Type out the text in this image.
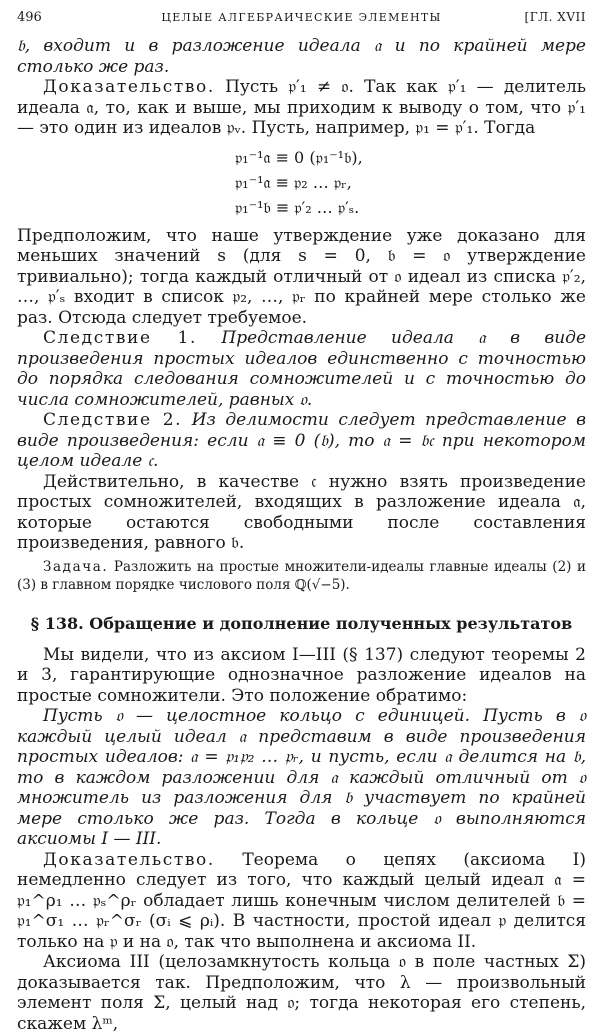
496	ЦЕЛЫЕ АЛГЕБРАИЧЕСКИЕ ЭЛЕМЕНТЫ	[ГЛ. XVII

𝔟, входит и в разложение идеала 𝔞 и по крайней мере столько же раз.

Доказательство. Пусть 𝔭′₁ ≠ 𝔬. Так как 𝔭′₁ — делитель идеала 𝔞, то, как и выше, мы приходим к выводу о том, что 𝔭′₁ — это один из идеалов 𝔭ᵥ. Пусть, например, 𝔭₁ = 𝔭′₁. Тогда

𝔭₁⁻¹𝔞 ≡ 0 (𝔭₁⁻¹𝔟),
𝔭₁⁻¹𝔞 ≡ 𝔭₂ … 𝔭ᵣ,
𝔭₁⁻¹𝔟 ≡ 𝔭′₂ … 𝔭′ₛ.

Предположим, что наше утверждение уже доказано для меньших значений s (для s = 0, 𝔟 = 𝔬 утверждение тривиально); тогда каждый отличный от 𝔬 идеал из списка 𝔭′₂, …, 𝔭′ₛ входит в список 𝔭₂, …, 𝔭ᵣ по крайней мере столько же раз. Отсюда следует требуемое.

Следствие 1. Представление идеала 𝔞 в виде произведения простых идеалов единственно с точностью до порядка следования сомножителей и с точностью до числа сомножителей, равных 𝔬.

Следствие 2. Из делимости следует представление в виде произведения: если 𝔞 ≡ 0 (𝔟), то 𝔞 = 𝔟𝔠 при некотором целом идеале 𝔠.

Действительно, в качестве 𝔠 нужно взять произведение простых сомножителей, входящих в разложение идеала 𝔞, которые остаются свободными после составления произведения, равного 𝔟.

Задача. Разложить на простые множители-идеалы главные идеалы (2) и (3) в главном порядке числового поля ℚ(√−5).

§ 138. Обращение и дополнение полученных результатов

Мы видели, что из аксиом I—III (§ 137) следуют теоремы 2 и 3, гарантирующие однозначное разложение идеалов на простые сомножители. Это положение обратимо:

Пусть 𝔬 — целостное кольцо с единицей. Пусть в 𝔬 каждый целый идеал 𝔞 представим в виде произведения простых идеалов: 𝔞 = 𝔭₁𝔭₂ … 𝔭ᵣ, и пусть, если 𝔞 делится на 𝔟, то в каждом разложении для 𝔞 каждый отличный от 𝔬 множитель из разложения для 𝔟 участвует по крайней мере столько же раз. Тогда в кольце 𝔬 выполняются аксиомы I — III.

Доказательство. Теорема о цепях (аксиома I) немедленно следует из того, что каждый целый идеал 𝔞 = 𝔭₁^ρ₁ … 𝔭ₛ^ρᵣ обладает лишь конечным числом делителей 𝔟 = 𝔭₁^σ₁ … 𝔭ᵣ^σᵣ (σᵢ ⩽ ρᵢ). В частности, простой идеал 𝔭 делится только на 𝔭 и на 𝔬, так что выполнена и аксиома II.

Аксиома III (целозамкнутость кольца 𝔬 в поле частных Σ) доказывается так. Предположим, что λ — произвольный элемент поля Σ, целый над 𝔬; тогда некоторая его степень, скажем λᵐ,
